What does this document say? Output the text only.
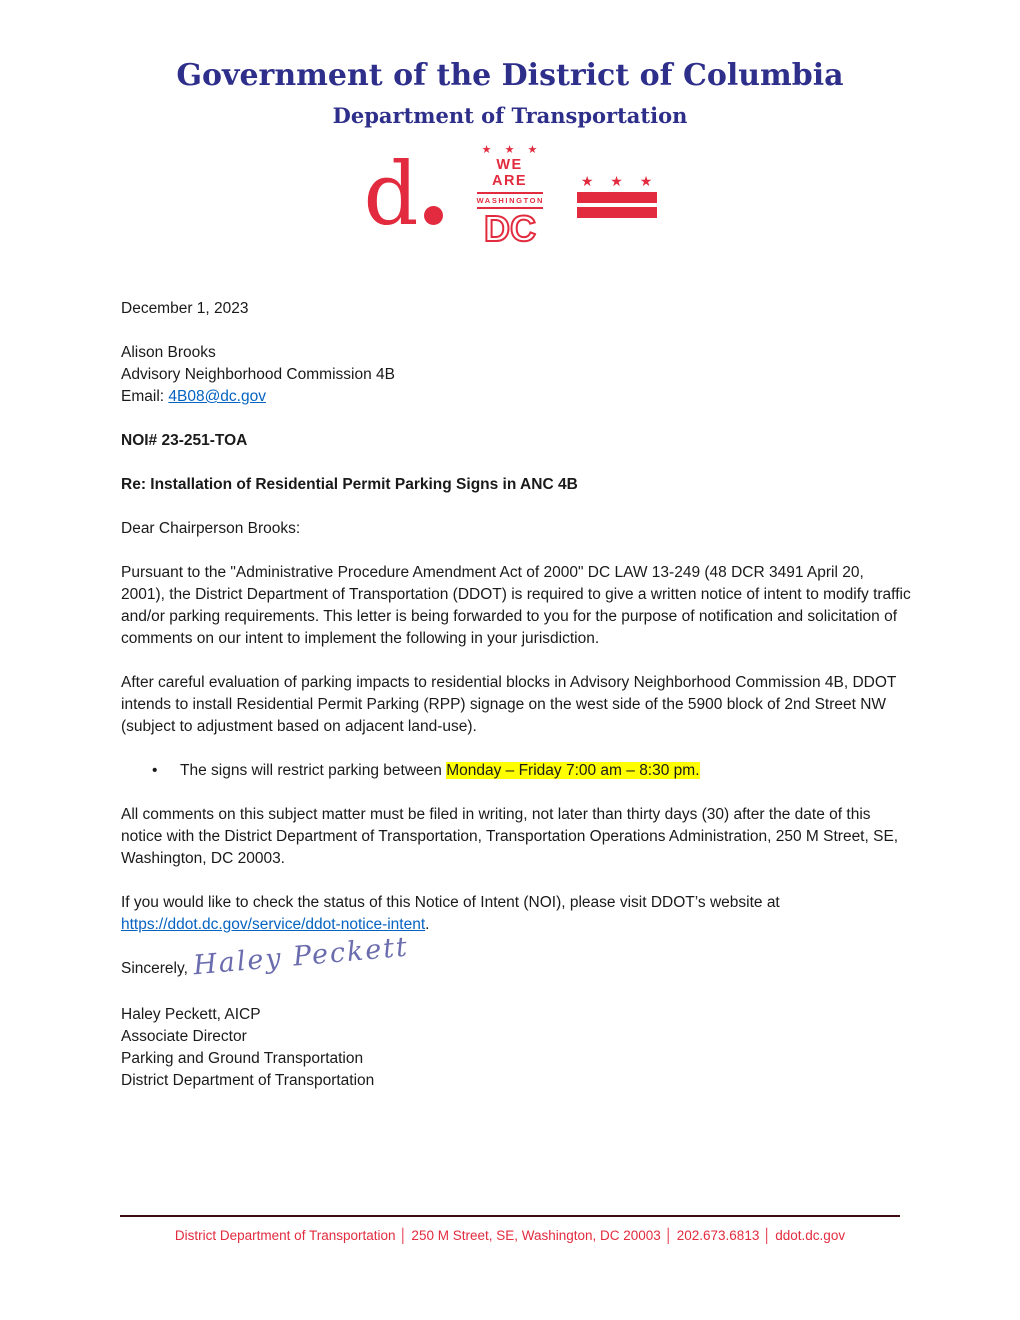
Government of the District of Columbia
Department of Transportation
d	★ ★ ★
WE ARE
WASHINGTON
DC
★ ★ ★

December 1, 2023

Alison Brooks
Advisory Neighborhood Commission 4B
Email: 4B08@dc.gov

NOI# 23-251-TOA

Re: Installation of Residential Permit Parking Signs in ANC 4B

Dear Chairperson Brooks:

Pursuant to the "Administrative Procedure Amendment Act of 2000" DC LAW 13-249 (48 DCR 3491 April 20, 2001), the District Department of Transportation (DDOT) is required to give a written notice of intent to modify traffic and/or parking requirements. This letter is being forwarded to you for the purpose of notification and solicitation of comments on our intent to implement the following in your jurisdiction.

After careful evaluation of parking impacts to residential blocks in Advisory Neighborhood Commission 4B, DDOT intends to install Residential Permit Parking (RPP) signage on the west side of the 5900 block of 2nd Street NW (subject to adjustment based on adjacent land-use).

•	The signs will restrict parking between Monday – Friday 7:00 am – 8:30 pm.

All comments on this subject matter must be filed in writing, not later than thirty days (30) after the date of this notice with the District Department of Transportation, Transportation Operations Administration, 250 M Street, SE, Washington, DC 20003.

If you would like to check the status of this Notice of Intent (NOI), please visit DDOT’s website at https://ddot.dc.gov/service/ddot-notice-intent.

Sincerely, Haley Peckett
Haley Peckett, AICP
Associate Director
Parking and Ground Transportation
District Department of Transportation
District Department of Transportation │ 250 M Street, SE, Washington, DC 20003 │ 202.673.6813 │ ddot.dc.gov
